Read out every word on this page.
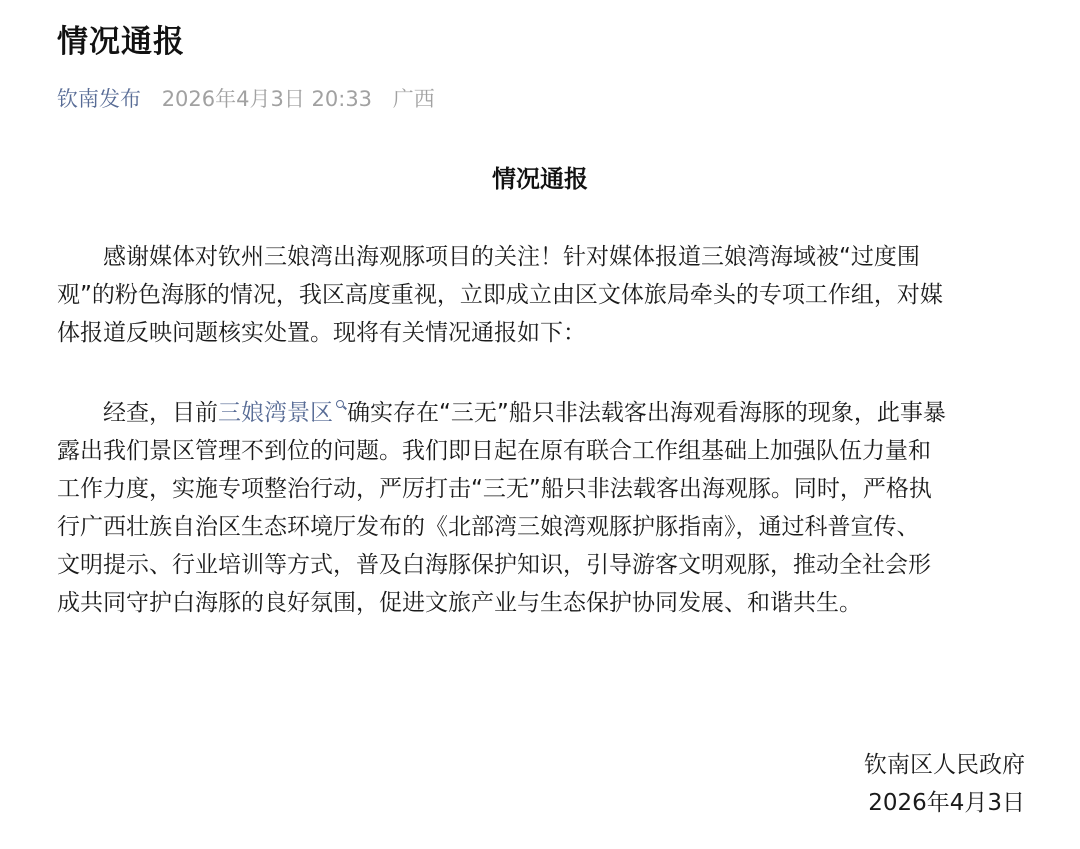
情况通报
钦南发布 2026年4月3日 20:33 广西
情况通报
感谢媒体对钦州三娘湾出海观豚项目的关注！针对媒体报道三娘湾海域被“过度围
观”的粉色海豚的情况，我区高度重视，立即成立由区文体旅局牵头的专项工作组，对媒
体报道反映问题核实处置。现将有关情况通报如下：
经查，目前三娘湾景区 确实存在“三无”船只非法载客出海观看海豚的现象，此事暴
露出我们景区管理不到位的问题。我们即日起在原有联合工作组基础上加强队伍力量和
工作力度，实施专项整治行动，严厉打击“三无”船只非法载客出海观豚。同时，严格执
行广西壮族自治区生态环境厅发布的《北部湾三娘湾观豚护豚指南》，通过科普宣传、
文明提示、行业培训等方式，普及白海豚保护知识，引导游客文明观豚，推动全社会形
成共同守护白海豚的良好氛围，促进文旅产业与生态保护协同发展、和谐共生。
钦南区人民政府
2026年4月3日
